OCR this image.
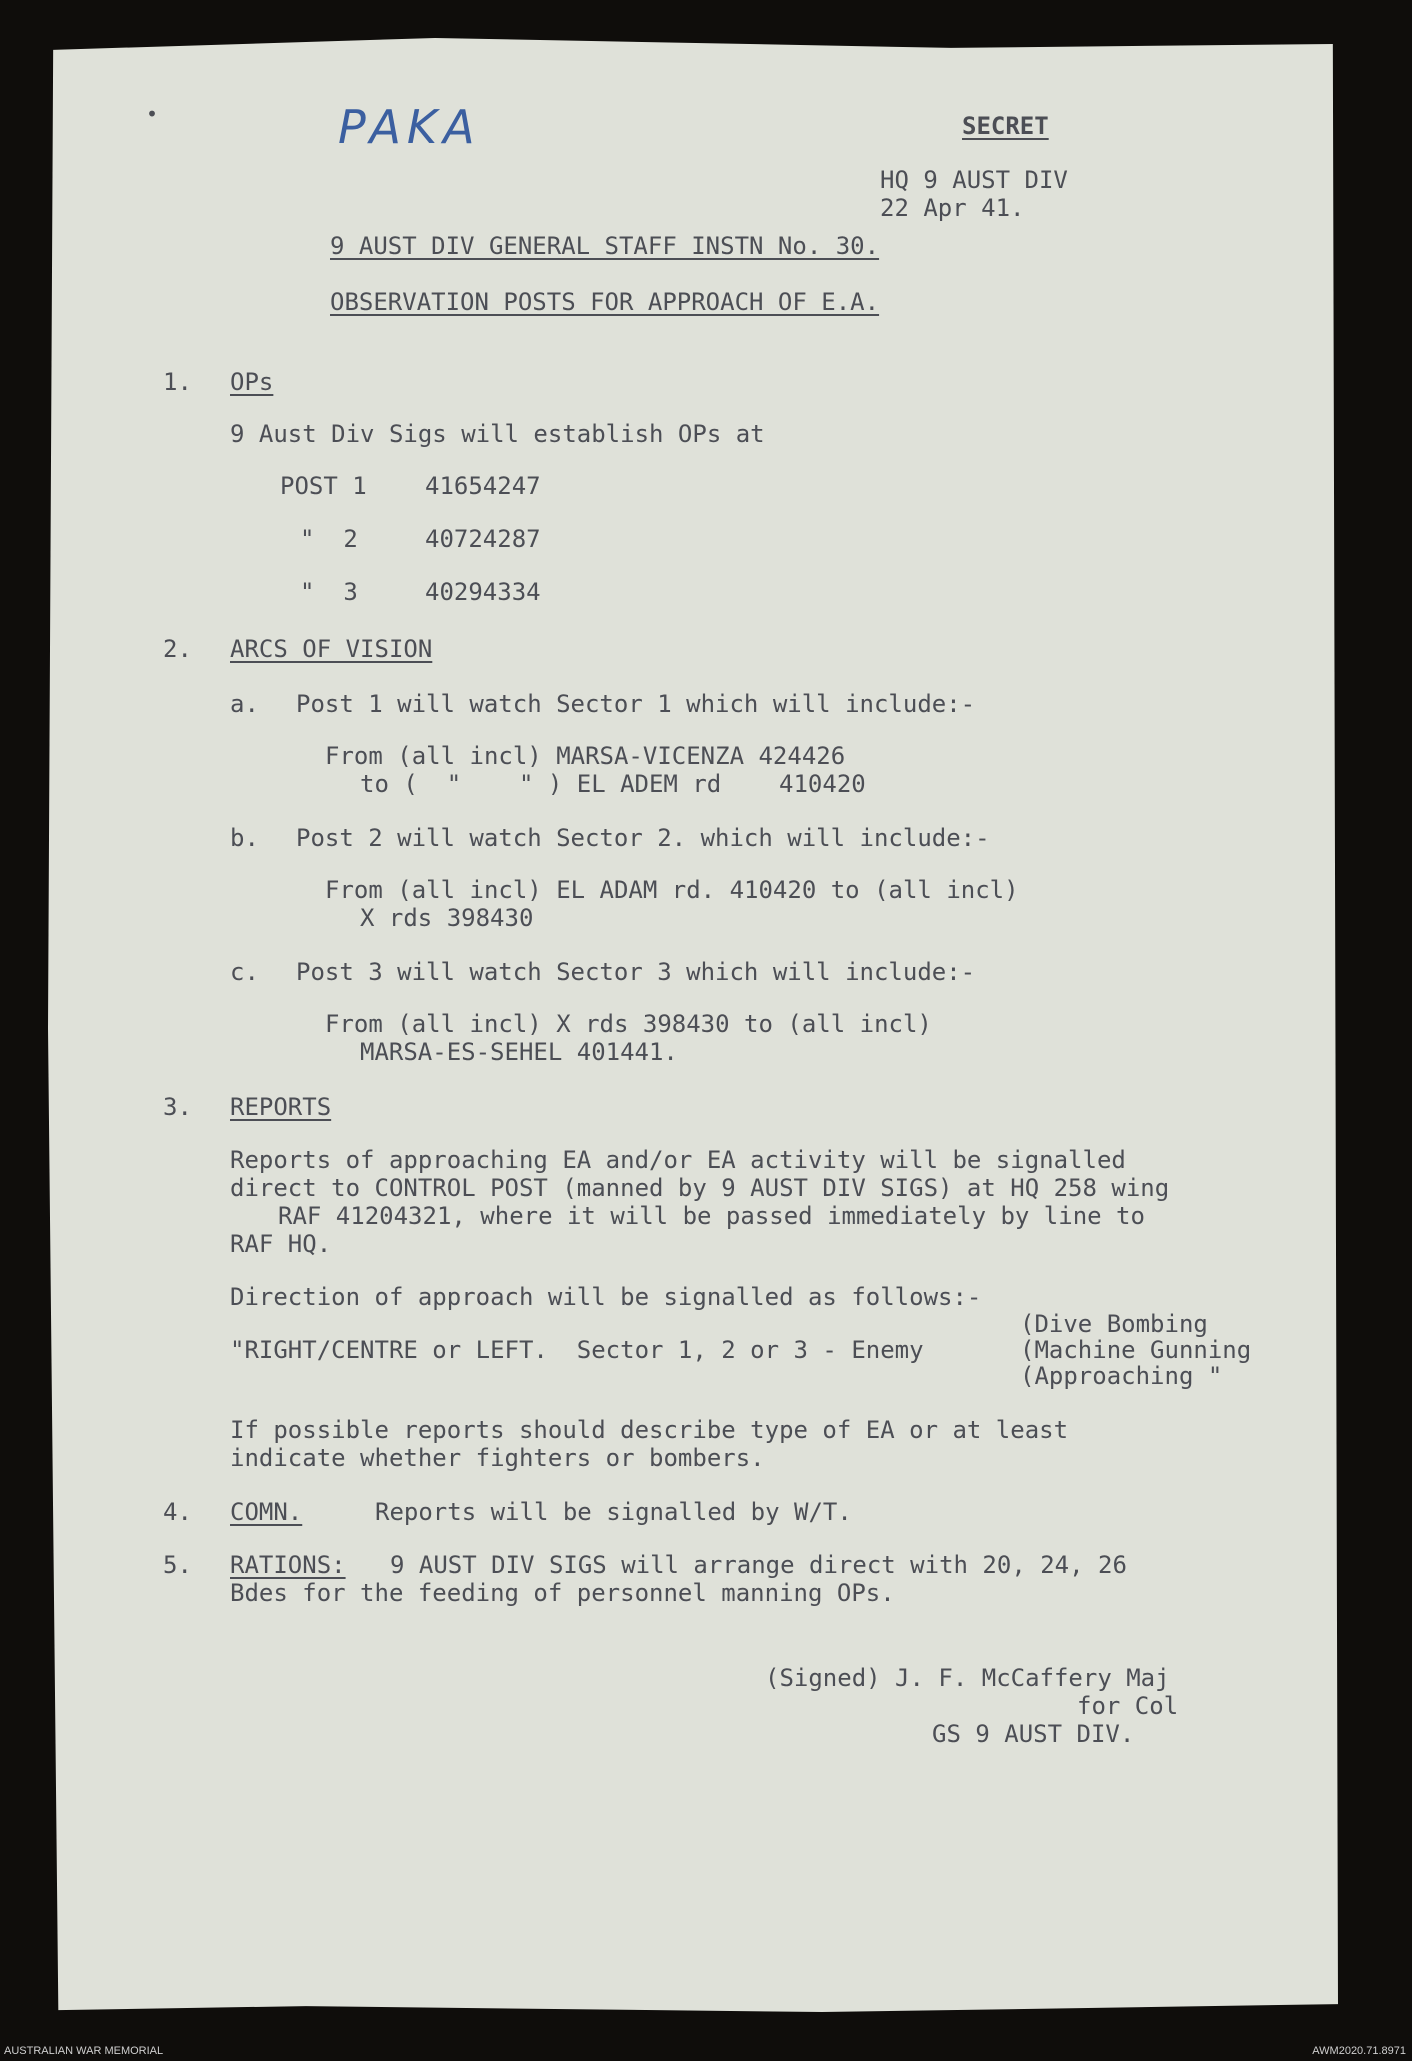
•	PAKA	SECRET
HQ 9 AUST DIV
22 Apr 41.
9 AUST DIV GENERAL STAFF INSTN No. 30.
OBSERVATION POSTS FOR APPROACH OF E.A.
1. OPs
9 Aust Div Sigs will establish OPs at
POST 1 41654247
"  2	40724287
"  3	40294334
2. ARCS OF VISION
a. Post 1 will watch Sector 1 which will include:-
From (all incl) MARSA-VICENZA 424426
to (  "    " ) EL ADEM rd    410420
b. Post 2 will watch Sector 2. which will include:-
From (all incl) EL ADAM rd. 410420 to (all incl)
X rds 398430
c. Post 3 will watch Sector 3 which will include:-
From (all incl) X rds 398430 to (all incl)
MARSA-ES-SEHEL 401441.
3. REPORTS
Reports of approaching EA and/or EA activity will be signalled
direct to CONTROL POST (manned by 9 AUST DIV SIGS) at HQ 258 wing
RAF 41204321, where it will be passed immediately by line to
RAF HQ.
Direction of approach will be signalled as follows:-
(Dive Bombing
"RIGHT/CENTRE or LEFT.  Sector 1, 2 or 3 - Enemy	(Machine Gunning
(Approaching "
If possible reports should describe type of EA or at least
indicate whether fighters or bombers.
4. COMN.	Reports will be signalled by W/T.
5. RATIONS: 9 AUST DIV SIGS will arrange direct with 20, 24, 26
Bdes for the feeding of personnel manning OPs.
(Signed) J. F. McCaffery Maj
for Col
GS 9 AUST DIV.
AUSTRALIAN WAR MEMORIAL	AWM2020.71.8971
